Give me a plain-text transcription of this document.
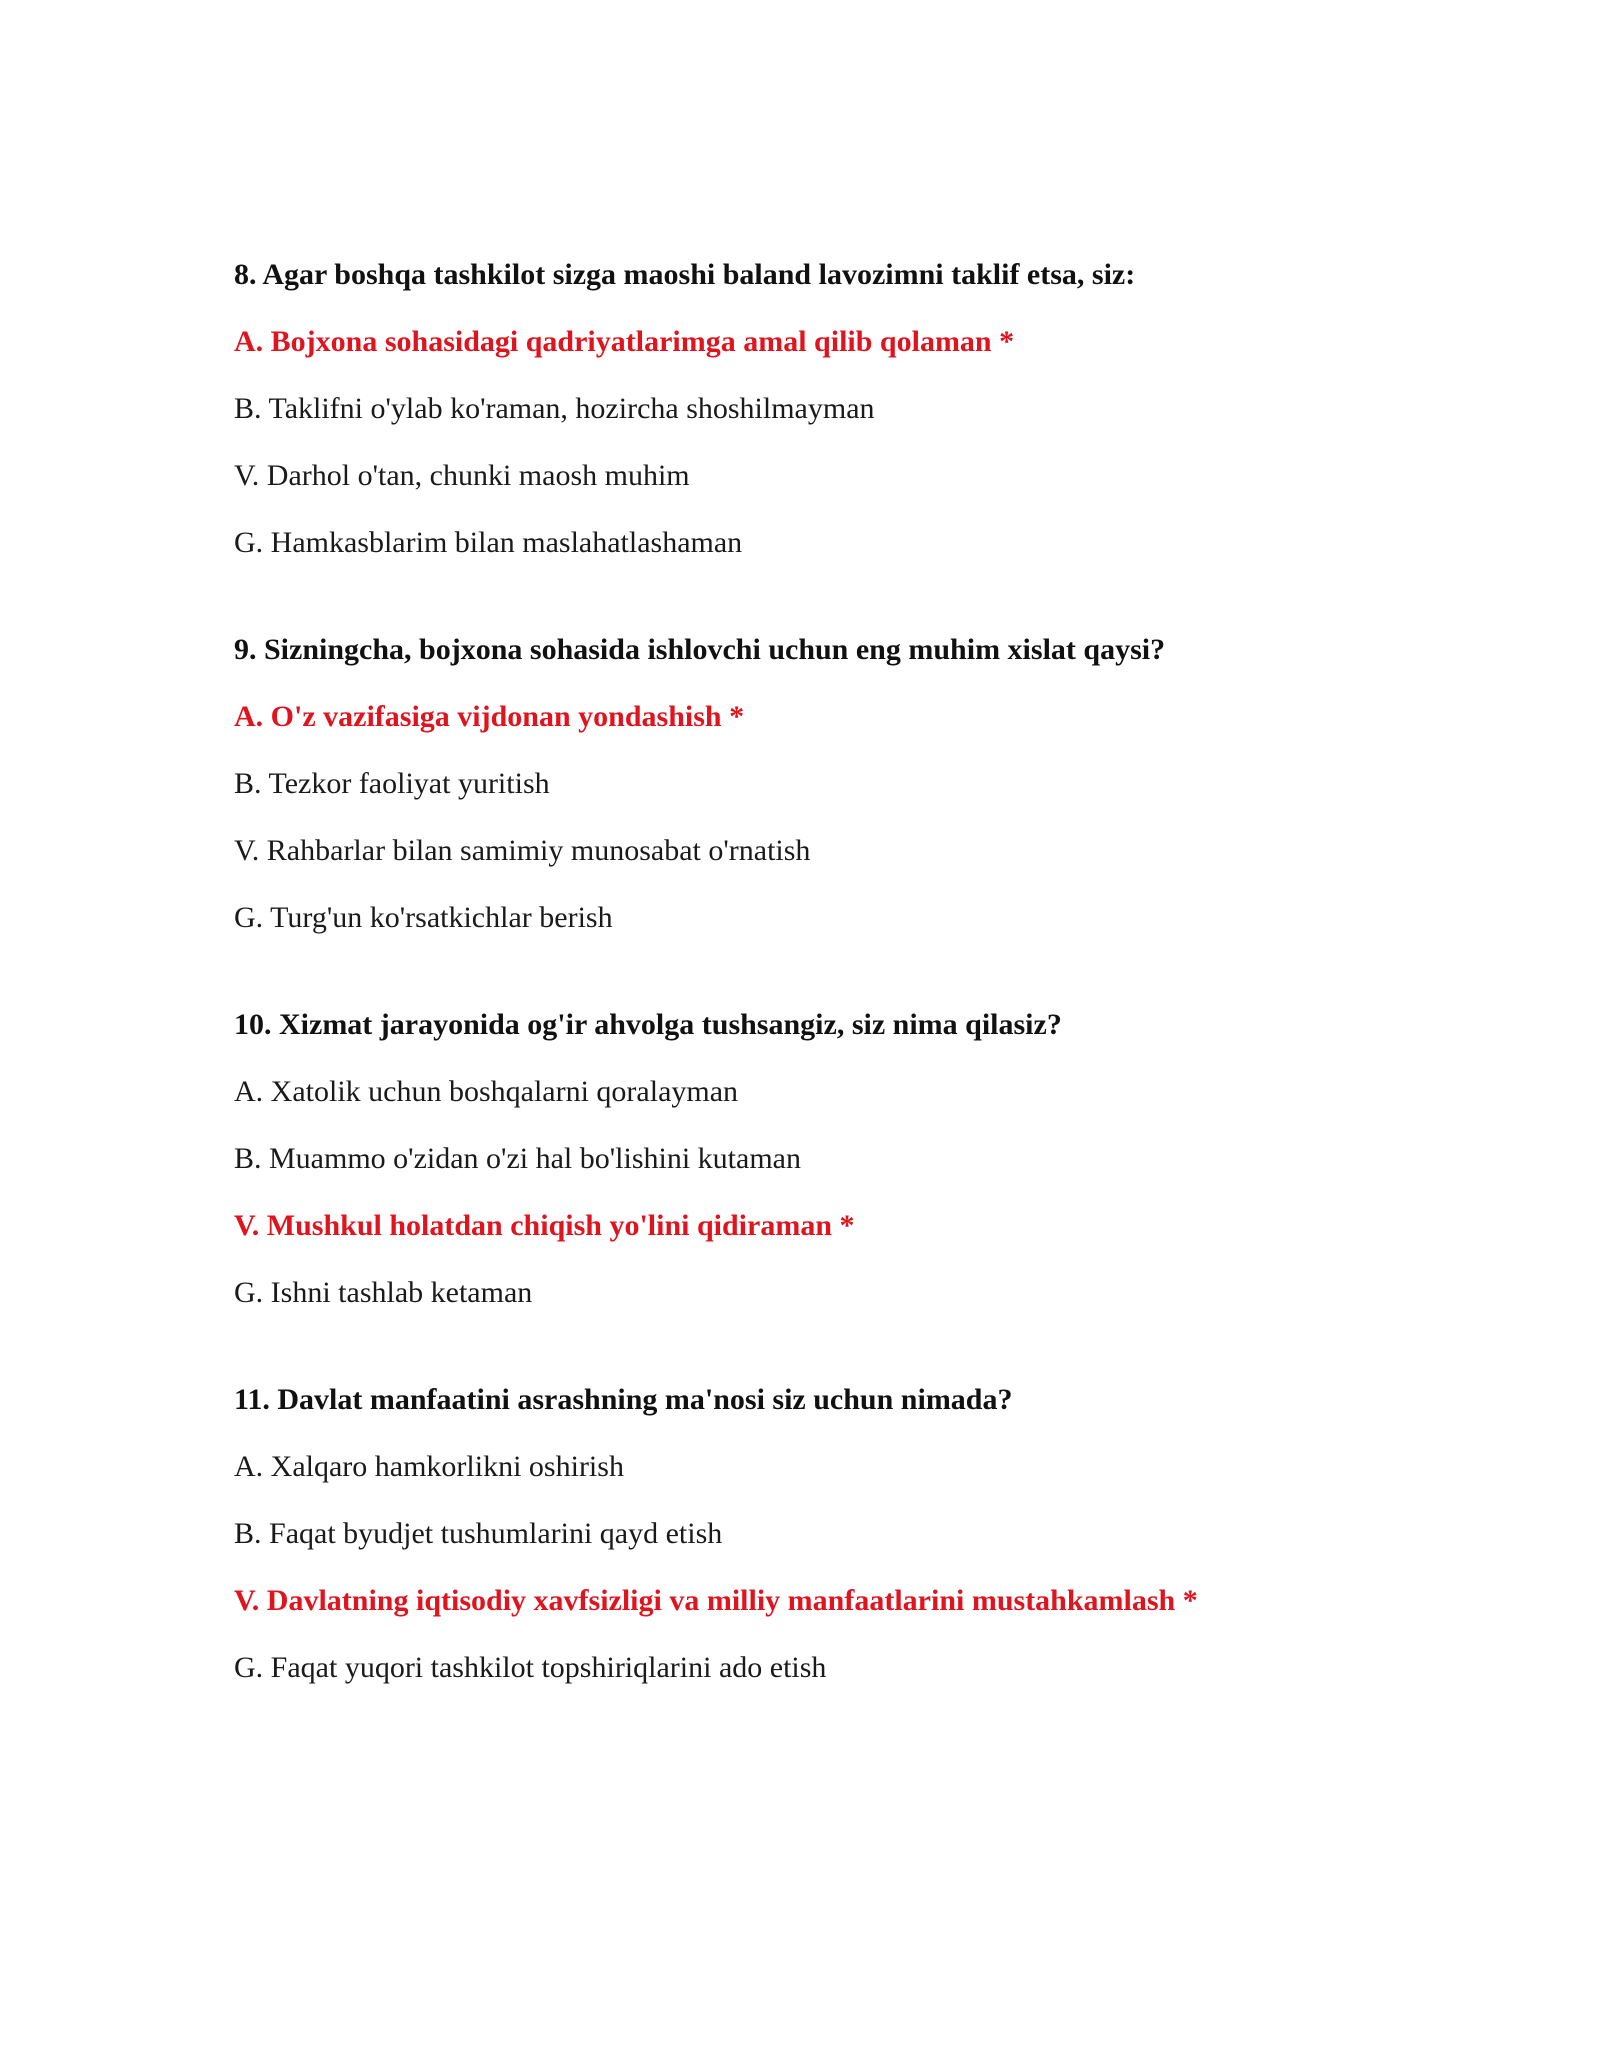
8. Agar boshqa tashkilot sizga maoshi baland lavozimni taklif etsa, siz:
A. Bojxona sohasidagi qadriyatlarimga amal qilib qolaman *
B. Taklifni o'ylab ko'raman, hozircha shoshilmayman
V. Darhol o'tan, chunki maosh muhim
G. Hamkasblarim bilan maslahatlashaman
9. Sizningcha, bojxona sohasida ishlovchi uchun eng muhim xislat qaysi?
A. O'z vazifasiga vijdonan yondashish *
B. Tezkor faoliyat yuritish
V. Rahbarlar bilan samimiy munosabat o'rnatish
G. Turg'un ko'rsatkichlar berish
10. Xizmat jarayonida og'ir ahvolga tushsangiz, siz nima qilasiz?
A. Xatolik uchun boshqalarni qoralayman
B. Muammo o'zidan o'zi hal bo'lishini kutaman
V. Mushkul holatdan chiqish yo'lini qidiraman *
G. Ishni tashlab ketaman
11. Davlat manfaatini asrashning ma'nosi siz uchun nimada?
A. Xalqaro hamkorlikni oshirish
B. Faqat byudjet tushumlarini qayd etish
V. Davlatning iqtisodiy xavfsizligi va milliy manfaatlarini mustahkamlash *
G. Faqat yuqori tashkilot topshiriqlarini ado etish
